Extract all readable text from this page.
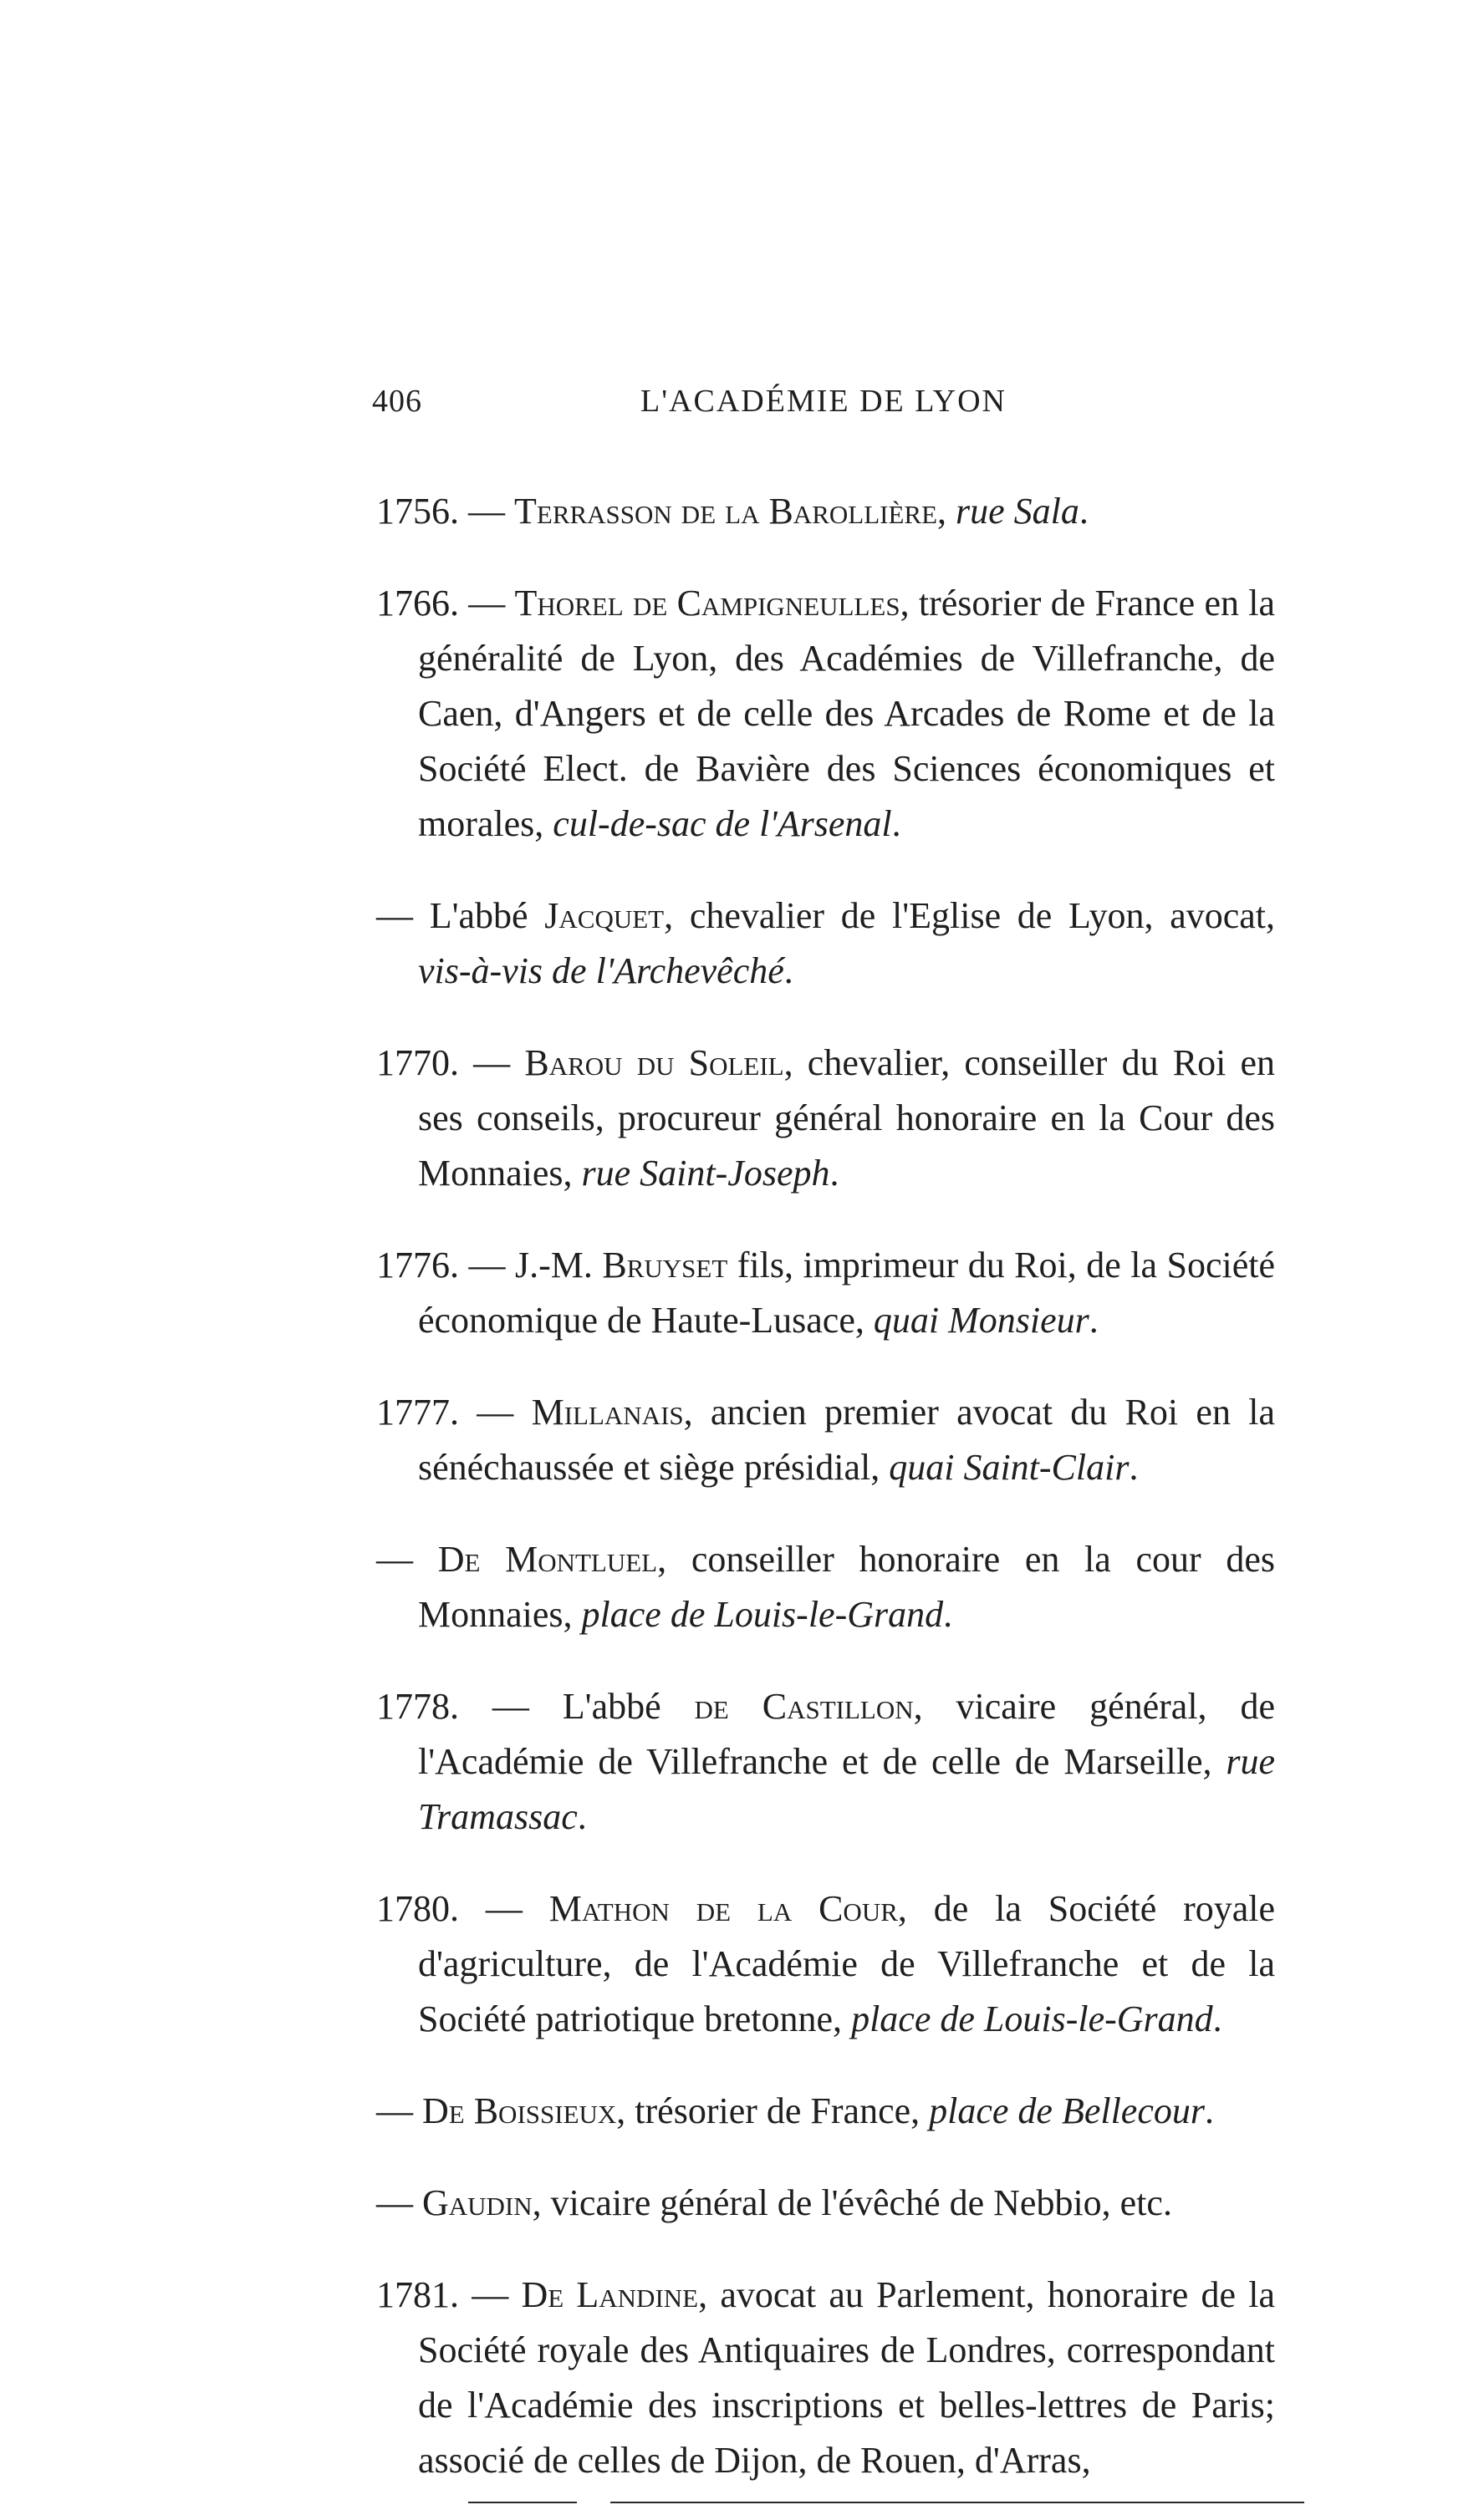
406	L'ACADÉMIE DE LYON

1756. — Terrasson de la Barollière, rue Sala.

1766. — Thorel de Campigneulles, trésorier de France en la généralité de Lyon, des Académies de Villefranche, de Caen, d'Angers et de celle des Arcades de Rome et de la Société Elect. de Bavière des Sciences économiques et morales, cul-de-sac de l'Arsenal.

— L'abbé Jacquet, chevalier de l'Eglise de Lyon, avocat, vis-à-vis de l'Archevêché.

1770. — Barou du Soleil, chevalier, conseiller du Roi en ses conseils, procureur général honoraire en la Cour des Monnaies, rue Saint-Joseph.

1776. — J.-M. Bruyset fils, imprimeur du Roi, de la Société économique de Haute-Lusace, quai Monsieur.

1777. — Millanais, ancien premier avocat du Roi en la sénéchaussée et siège présidial, quai Saint-Clair.

— De Montluel, conseiller honoraire en la cour des Monnaies, place de Louis-le-Grand.

1778. — L'abbé de Castillon, vicaire général, de l'Académie de Villefranche et de celle de Marseille, rue Tramassac.

1780. — Mathon de la Cour, de la Société royale d'agriculture, de l'Académie de Villefranche et de la Société patriotique bretonne, place de Louis-le-Grand.

— De Boissieux, trésorier de France, place de Bellecour.

— Gaudin, vicaire général de l'évêché de Nebbio, etc.

1781. — De Landine, avocat au Parlement, honoraire de la Société royale des Antiquaires de Londres, correspondant de l'Académie des inscriptions et belles-lettres de Paris; associé de celles de Dijon, de Rouen, d'Arras,
